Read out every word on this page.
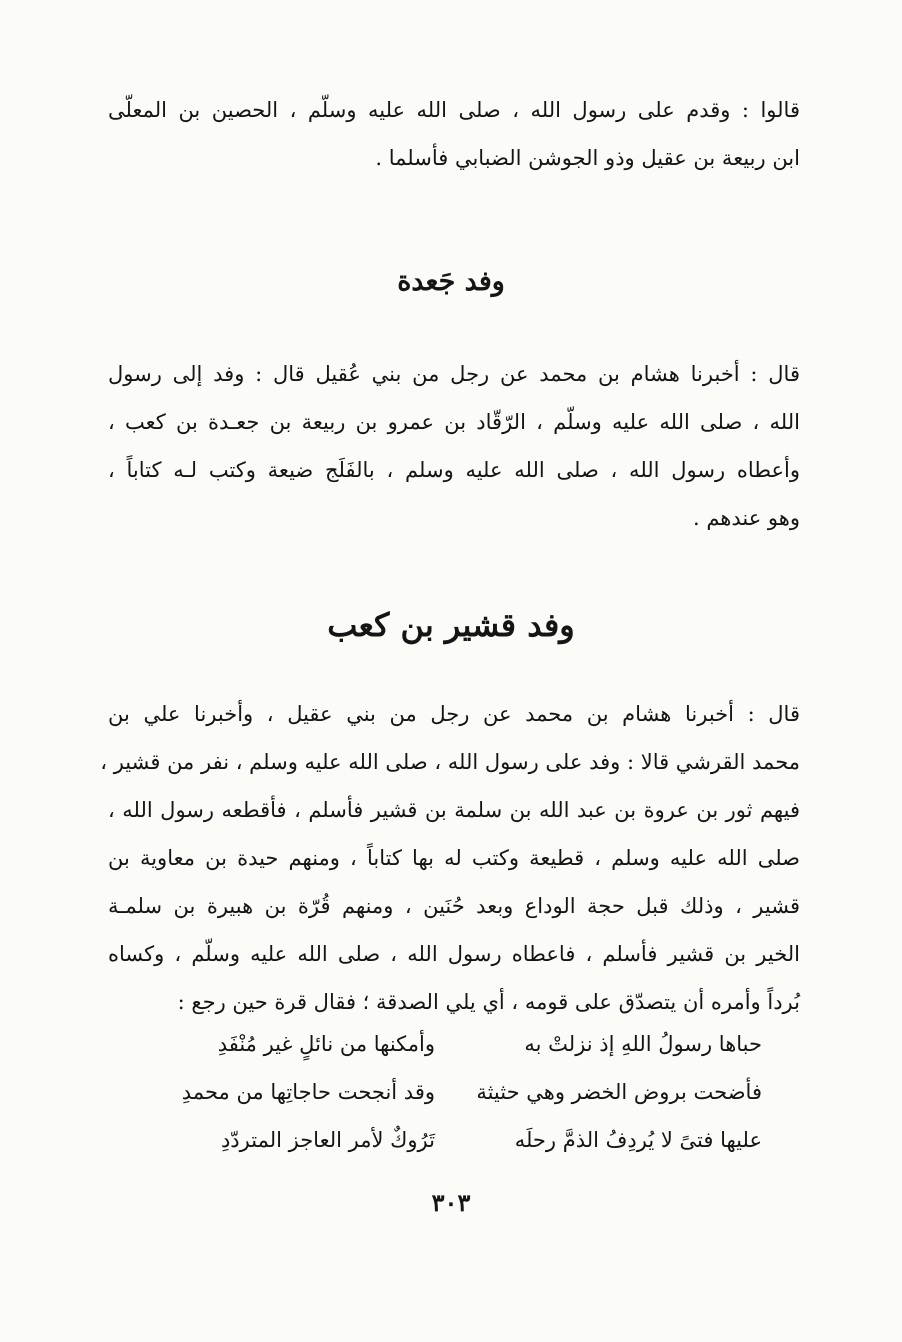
قالوا : وقدم على رسول الله ، صلى الله عليه وسلّم ، الحصين بن المعلّى
ابن ربيعة بن عقيل وذو الجوشن الضبابي فأسلما .
وفد جَعدة
قال : أخبرنا هشام بن محمد عن رجل من بني عُقيل قال : وفد إلى رسول
الله ، صلى الله عليه وسلّم ، الرّقّاد بن عمرو بن ربيعة بن جعـدة بن كعب ،
وأعطاه رسول الله ، صلى الله عليه وسلم ، بالفَلَج ضيعة وكتب لـه كتاباً ،
وهو عندهم .
وفد قشير بن كعب
قال : أخبرنا هشام بن محمد عن رجل من بني عقيل ، وأخبرنا علي بن
محمد القرشي قالا : وفد على رسول الله ، صلى الله عليه وسلم ، نفر من قشير ،
فيهم ثور بن عروة بن عبد الله بن سلمة بن قشير فأسلم ، فأقطعه رسول الله ،
صلى الله عليه وسلم ، قطيعة وكتب له بها كتاباً ، ومنهم حيدة بن معاوية بن
قشير ، وذلك قبل حجة الوداع وبعد حُنَين ، ومنهم قُرّة بن هبيرة بن سلمـة
الخير بن قشير فأسلم ، فاعطاه رسول الله ، صلى الله عليه وسلّم ، وكساه
بُرداً وأمره أن يتصدّق على قومه ، أي يلي الصدقة ؛ فقال قرة حين رجع :
حباها رسولُ اللهِ إذ نزلتْ به
وأمكنها من نائلٍ غير مُنْفَدِ
فأضحت بروض الخضر وهي حثيثة
وقد أنجحت حاجاتِها من محمدِ
عليها فتىً لا يُردِفُ الذمَّ رحلَه
تَرُوكٌ لأمر العاجز المتردّدِ
٣٠٣
